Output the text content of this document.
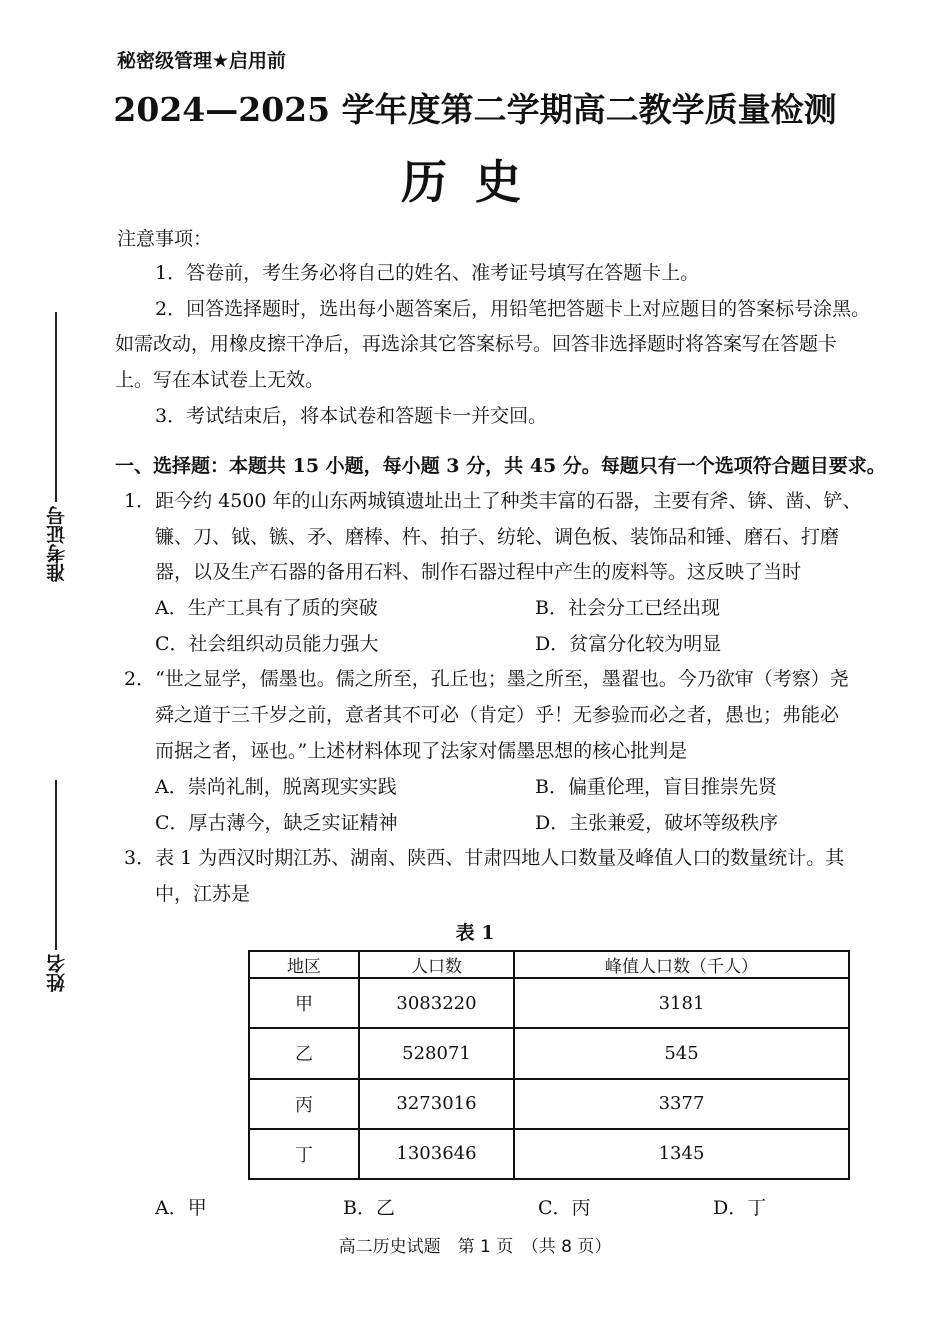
秘密级管理★启用前
2024—2025 学年度第二学期高二教学质量检测
历史
准考证号
姓名
注意事项：
1．答卷前，考生务必将自己的姓名、准考证号填写在答题卡上。
2．回答选择题时，选出每小题答案后，用铅笔把答题卡上对应题目的答案标号涂黑。
如需改动，用橡皮擦干净后，再选涂其它答案标号。回答非选择题时将答案写在答题卡
上。写在本试卷上无效。
3．考试结束后，将本试卷和答题卡一并交回。
一、选择题：本题共 15 小题，每小题 3 分，共 45 分。每题只有一个选项符合题目要求。
1．距今约 4500 年的山东两城镇遗址出土了种类丰富的石器，主要有斧、锛、凿、铲、
镰、刀、钺、镞、矛、磨棒、杵、拍子、纺轮、调色板、装饰品和锤、磨石、打磨
器，以及生产石器的备用石料、制作石器过程中产生的废料等。这反映了当时
A．生产工具有了质的突破	B．社会分工已经出现
C．社会组织动员能力强大	D．贫富分化较为明显
2．“世之显学，儒墨也。儒之所至，孔丘也；墨之所至，墨翟也。今乃欲审（考察）尧
舜之道于三千岁之前，意者其不可必（肯定）乎！无参验而必之者，愚也；弗能必
而据之者，诬也。”上述材料体现了法家对儒墨思想的核心批判是
A．崇尚礼制，脱离现实实践	B．偏重伦理，盲目推崇先贤
C．厚古薄今，缺乏实证精神	D．主张兼爱，破坏等级秩序
3．表 1 为西汉时期江苏、湖南、陕西、甘肃四地人口数量及峰值人口的数量统计。其
中，江苏是
表 1
地区	人口数	峰值人口数（千人）
甲	3083220	3181
乙	528071	545
丙	3273016	3377
丁	1303646	1345
A．甲	B．乙	C．丙	D．丁
高二历史试题　第 1 页　（共 8 页）
